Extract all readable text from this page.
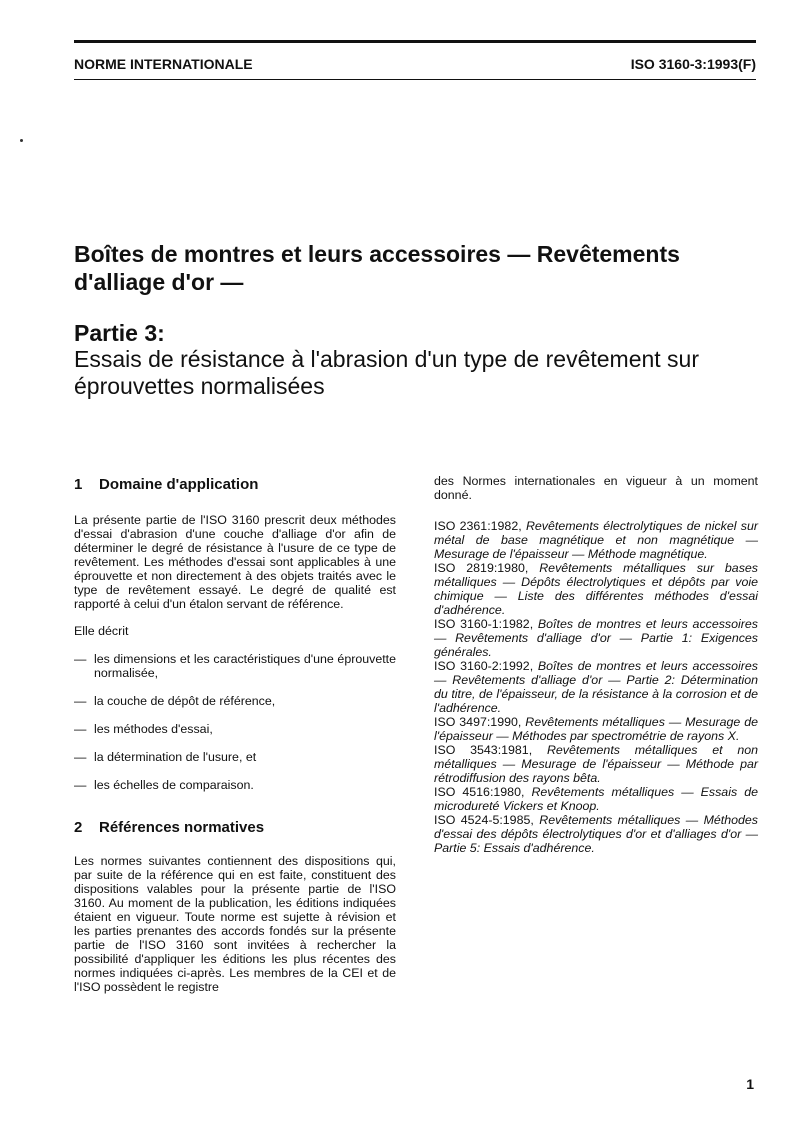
NORME INTERNATIONALE	ISO 3160-3:1993(F)
Boîtes de montres et leurs accessoires — Revêtements d'alliage d'or —
Partie 3:
Essais de résistance à l'abrasion d'un type de revêtement sur éprouvettes normalisées
1 Domaine d'application

La présente partie de l'ISO 3160 prescrit deux méthodes d'essai d'abrasion d'une couche d'alliage d'or afin de déterminer le degré de résistance à l'usure de ce type de revêtement. Les méthodes d'essai sont applicables à une éprouvette et non directement à des objets traités avec le type de revêtement essayé. Le degré de qualité est rapporté à celui d'un étalon servant de référence.

Elle décrit

— les dimensions et les caractéristiques d'une éprouvette normalisée,
— la couche de dépôt de référence,
— les méthodes d'essai,
— la détermination de l'usure, et
— les échelles de comparaison.
2 Références normatives

Les normes suivantes contiennent des dispositions qui, par suite de la référence qui en est faite, constituent des dispositions valables pour la présente partie de l'ISO 3160. Au moment de la publication, les éditions indiquées étaient en vigueur. Toute norme est sujette à révision et les parties prenantes des accords fondés sur la présente partie de l'ISO 3160 sont invitées à rechercher la possibilité d'appliquer les éditions les plus récentes des normes indiquées ci-après. Les membres de la CEI et de l'ISO possèdent le registre

des Normes internationales en vigueur à un moment donné.

ISO 2361:1982, Revêtements électrolytiques de nickel sur métal de base magnétique et non magnétique — Mesurage de l'épaisseur — Méthode magnétique.

ISO 2819:1980, Revêtements métalliques sur bases métalliques — Dépôts électrolytiques et dépôts par voie chimique — Liste des différentes méthodes d'essai d'adhérence.

ISO 3160-1:1982, Boîtes de montres et leurs accessoires — Revêtements d'alliage d'or — Partie 1: Exigences générales.

ISO 3160-2:1992, Boîtes de montres et leurs accessoires — Revêtements d'alliage d'or — Partie 2: Détermination du titre, de l'épaisseur, de la résistance à la corrosion et de l'adhérence.

ISO 3497:1990, Revêtements métalliques — Mesurage de l'épaisseur — Méthodes par spectrométrie de rayons X.

ISO 3543:1981, Revêtements métalliques et non métalliques — Mesurage de l'épaisseur — Méthode par rétrodiffusion des rayons bêta.

ISO 4516:1980, Revêtements métalliques — Essais de microdureté Vickers et Knoop.

ISO 4524-5:1985, Revêtements métalliques — Méthodes d'essai des dépôts électrolytiques d'or et d'alliages d'or — Partie 5: Essais d'adhérence.

1
